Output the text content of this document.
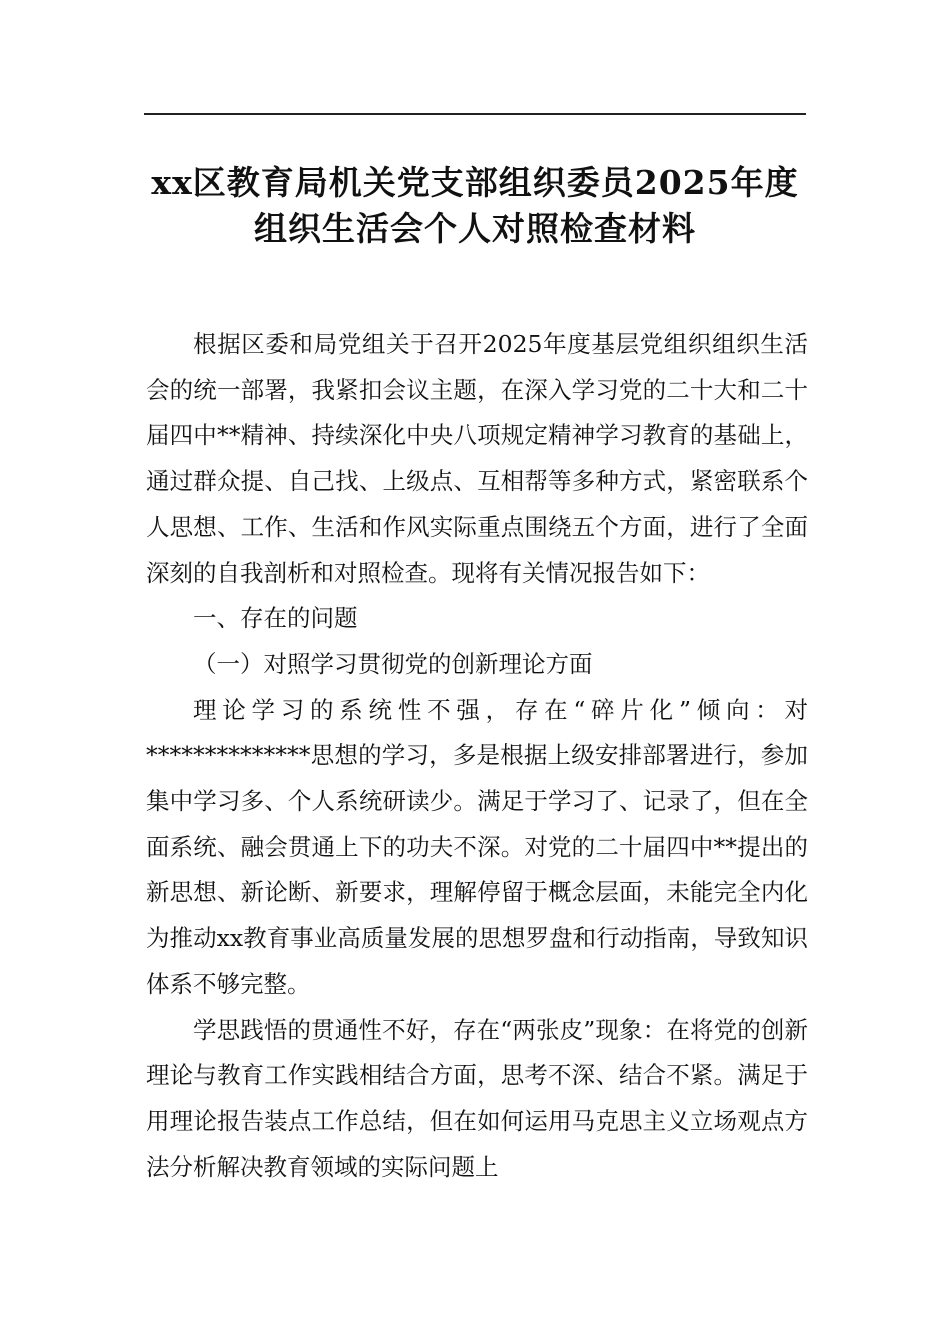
xx区教育局机关党支部组织委员2025年度
组织生活会个人对照检查材料

根据区委和局党组关于召开2025年度基层党组织组织生活会的统一部署，我紧扣会议主题，在深入学习党的二十大和二十届四中**精神、持续深化中央八项规定精神学习教育的基础上，通过群众提、自己找、上级点、互相帮等多种方式，紧密联系个人思想、工作、生活和作风实际重点围绕五个方面，进行了全面深刻的自我剖析和对照检查。现将有关情况报告如下：

一、存在的问题

（一）对照学习贯彻党的创新理论方面

理论学习的系统性不强，存在“碎片化”倾向：对**************思想的学习，多是根据上级安排部署进行，参加集中学习多、个人系统研读少。满足于学习了、记录了，但在全面系统、融会贯通上下的功夫不深。对党的二十届四中**提出的新思想、新论断、新要求，理解停留于概念层面，未能完全内化为推动xx教育事业高质量发展的思想罗盘和行动指南，导致知识体系不够完整。

学思践悟的贯通性不好，存在“两张皮”现象：在将党的创新理论与教育工作实践相结合方面，思考不深、结合不紧。满足于用理论报告装点工作总结，但在如何运用马克思主义立场观点方法分析解决教育领域的实际问题上
